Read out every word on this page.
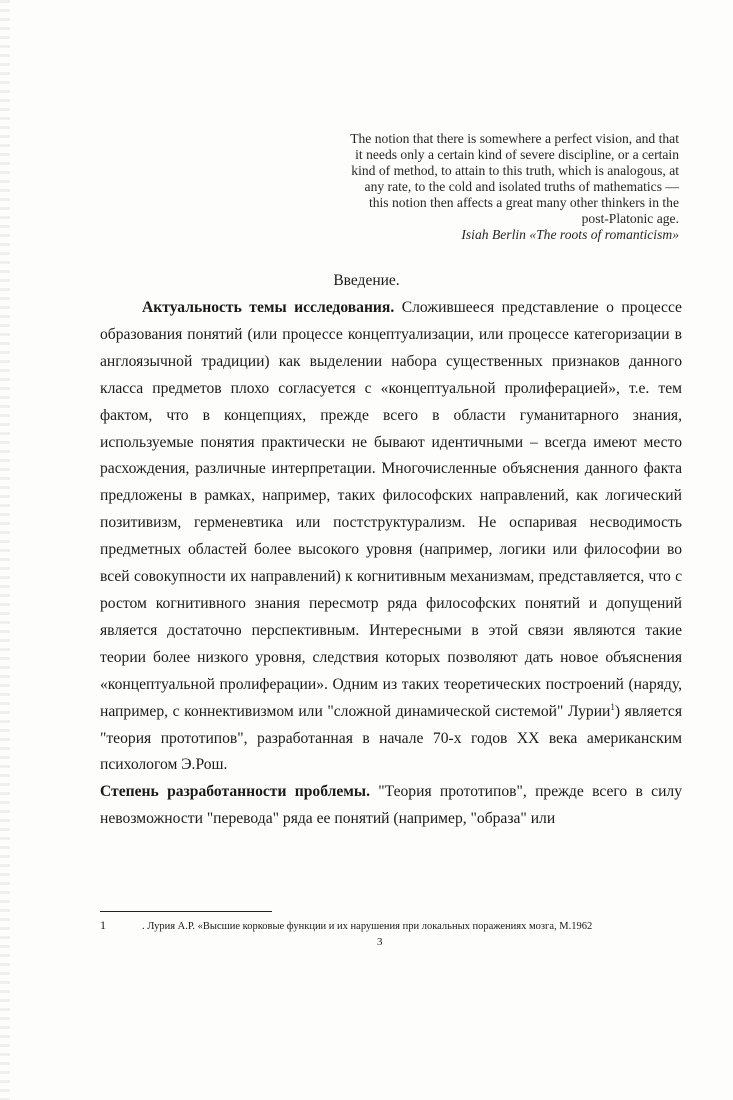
The notion that there is somewhere a perfect vision, and that
it needs only a certain kind of severe discipline, or a certain
kind of method, to attain to this truth, which is analogous, at
any rate, to the cold and isolated truths of mathematics —
this notion then affects a great many other thinkers in the
post-Platonic age.
Isiah Berlin «The roots of romanticism»
Введение.

Актуальность темы исследования. Сложившееся представление о процессе образования понятий (или процессе концептуализации, или процессе категоризации в англоязычной традиции) как выделении набора существенных признаков данного класса предметов плохо согласуется с «концептуальной пролиферацией», т.е. тем фактом, что в концепциях, прежде всего в области гуманитарного знания, используемые понятия практически не бывают идентичными – всегда имеют место расхождения, различные интерпретации. Многочисленные объяснения данного факта предложены в рамках, например, таких философских направлений, как логический позитивизм, герменевтика или постструктурализм. Не оспаривая несводимость предметных областей более высокого уровня (например, логики или философии во всей совокупности их направлений) к когнитивным механизмам, представляется, что с ростом когнитивного знания пересмотр ряда философских понятий и допущений является достаточно перспективным. Интересными в этой связи являются такие теории более низкого уровня, следствия которых позволяют дать новое объяснения «концептуальной пролиферации». Одним из таких теоретических построений (наряду, например, с коннективизмом или "сложной динамической системой" Лурии$^1$) является "теория прототипов", разработанная в начале 70-х годов XX века американским психологом Э.Рош.

Степень разработанности проблемы. "Теория прототипов", прежде всего в силу невозможности "перевода" ряда ее понятий (например, "образа" или

1	. Лурия А.Р. «Высшие корковые функции и их нарушения при локальных поражениях мозга, М.1962
3
